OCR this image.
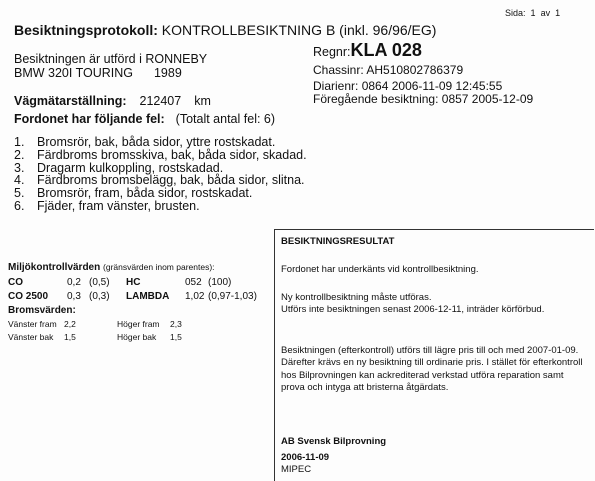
Sida: 1 av 1
Besiktningsprotokoll: KONTROLLBESIKTNING B (inkl. 96/96/EG)
Besiktningen är utförd i RONNEBY
BMW 320I TOURING 1989
Regnr:KLA 028
Chassinr: AH510802786379
Diarienr: 0864 2006-11-09 12:45:55
Föregående besiktning: 0857 2005-12-09
Vägmätarställning: 212407 km
Fordonet har följande fel: (Totalt antal fel: 6)
1. Bromsrör, bak, båda sidor, yttre rostskadat.
2. Färdbroms bromsskiva, bak, båda sidor, skadad.
3. Dragarm kulkoppling, rostskadad.
4. Färdbroms bromsbelägg, bak, båda sidor, slitna.
5. Bromsrör, fram, båda sidor, rostskadat.
6. Fjäder, fram vänster, brusten.
Miljökontrollvärden (gränsvärden inom parentes):
CO	0,2 (0,5) HC	052 (100)
CO 2500 0,3 (0,3) LAMBDA 1,02 (0,97-1,03)
Bromsvärden:
Vänster fram 2,2	Höger fram 2,3
Vänster bak 1,5	Höger bak 1,5
BESIKTNINGSRESULTAT
Fordonet har underkänts vid kontrollbesiktning.
Ny kontrollbesiktning måste utföras.
Utförs inte besiktningen senast 2006-12-11, inträder körförbud.
Besiktningen (efterkontroll) utförs till lägre pris till och med 2007-01-09. Därefter krävs en ny besiktning till ordinarie pris. I stället för efterkontroll hos Bilprovningen kan ackrediterad verkstad utföra reparation samt prova och intyga att bristerna åtgärdats.
AB Svensk Bilprovning
2006-11-09
MIPEC
